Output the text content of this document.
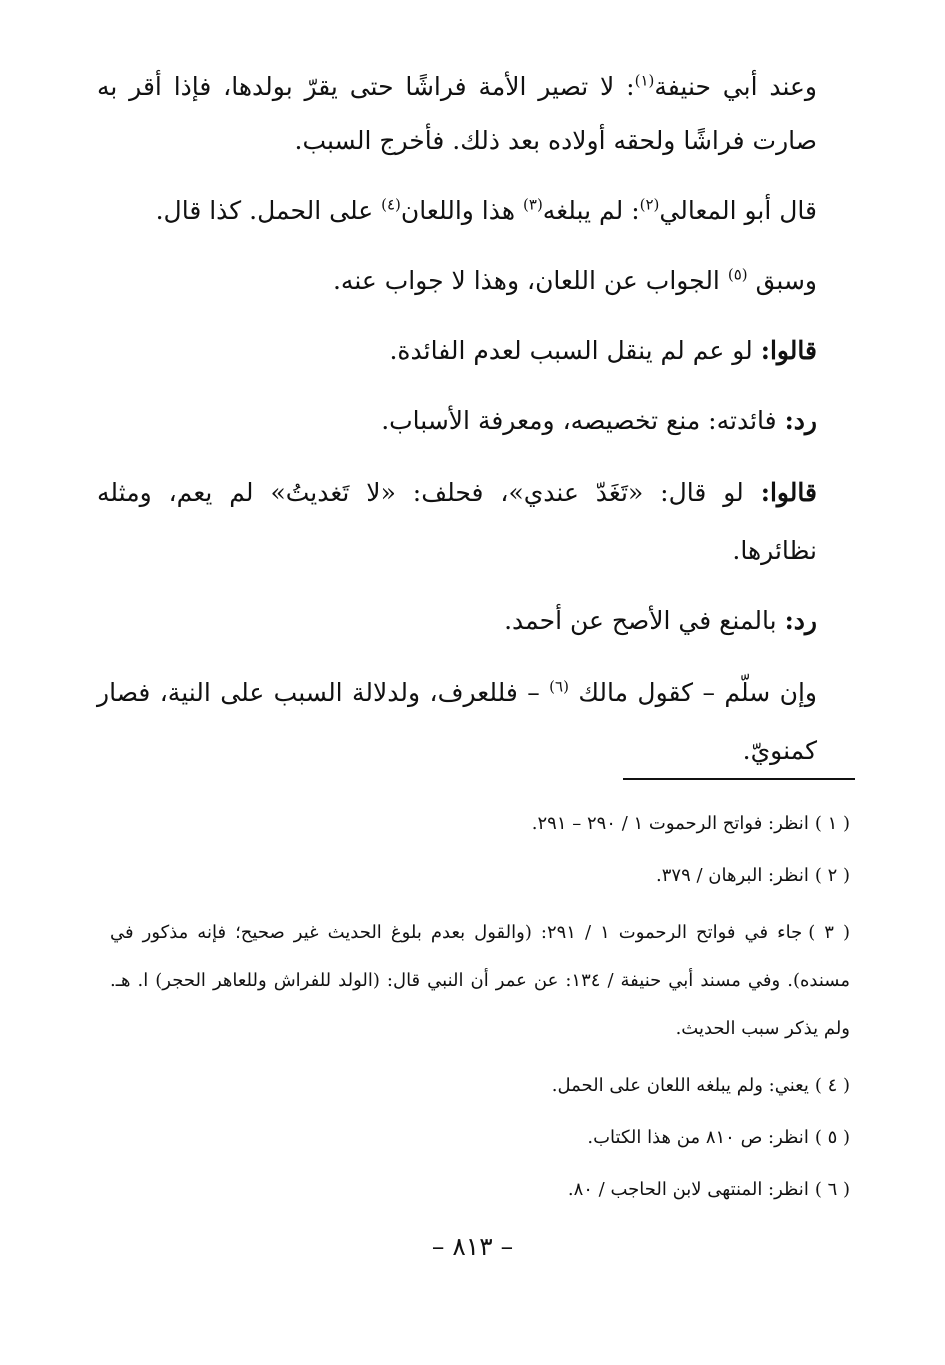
وعند أبي حنيفة$^{(١)}$: لا تصير الأمة فراشًا حتى يقرّ بولدها، فإذا أقر به صارت فراشًا ولحقه أولاده بعد ذلك. فأخرج السبب.

قال أبو المعالي$^{(٢)}$: لم يبلغه$^{(٣)}$ هذا واللعان$^{(٤)}$ على الحمل. كذا قال.

وسبق $^{(٥)}$ الجواب عن اللعان، وهذا لا جواب عنه.

قالوا: لو عم لم ينقل السبب لعدم الفائدة.

رد: فائدته: منع تخصيصه، ومعرفة الأسباب.

قالوا: لو قال: «تَغَدّ عندي»، فحلف: «لا تَغديتُ» لم يعم، ومثله نظائرها.

رد: بالمنع في الأصح عن أحمد.

وإن سلّم – كقول مالك $^{(٦)}$ – فللعرف، ولدلالة السبب على النية، فصار كمنويّ.

( ١ )انظر: فواتح الرحموت ١ / ٢٩٠ – ٢٩١.

( ٢ )انظر: البرهان / ٣٧٩.

( ٣ )جاء في فواتح الرحموت ١ / ٢٩١: (والقول بعدم بلوغ الحديث غير صحيح؛ فإنه مذكور في مسنده). وفي مسند أبي حنيفة / ١٣٤: عن عمر أن النبي قال: (الولد للفراش وللعاهر الحجر) ا. هـ. ولم يذكر سبب الحديث.

( ٤ )يعني: ولم يبلغه اللعان على الحمل.

( ٥ )انظر: ص ٨١٠ من هذا الكتاب.

( ٦ )انظر: المنتهى لابن الحاجب / ٨٠.

– ٨١٣ –
